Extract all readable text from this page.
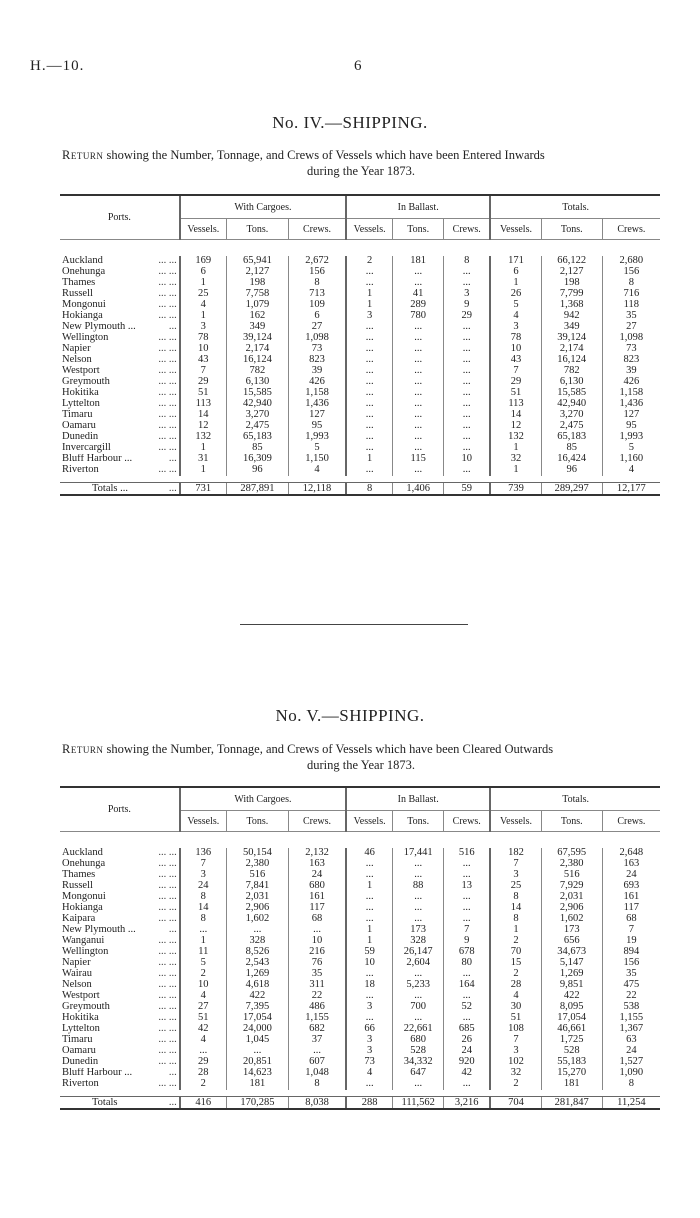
H.—10.	6
No. IV.—SHIPPING.
Return showing the Number, Tonnage, and Crews of Vessels which have been Entered Inwards
during the Year 1873.
Ports.	With Cargoes.			In Ballast.			Totals.		
	Vessels.	Tons.	Crews.	Vessels.	Tons.	Crews.	Vessels.	Tons.	Crews.

Auckland ... ...	169	65,941	2,672	2	181	8	171	66,122	2,680
Onehunga ... ...	6	2,127	156	...	...	...	6	2,127	156
Thames ... ...	1	198	8	...	...	...	1	198	8
Russell ... ...	25	7,758	713	1	41	3	26	7,799	716
Mongonui ... ...	4	1,079	109	1	289	9	5	1,368	118
Hokianga ... ...	1	162	6	3	780	29	4	942	35
New Plymouth ... ...	3	349	27	...	...	...	3	349	27
Wellington ... ...	78	39,124	1,098	...	...	...	78	39,124	1,098
Napier ... ...	10	2,174	73	...	...	...	10	2,174	73
Nelson ... ...	43	16,124	823	...	...	...	43	16,124	823
Westport ... ...	7	782	39	...	...	...	7	782	39
Greymouth ... ...	29	6,130	426	...	...	...	29	6,130	426
Hokitika ... ...	51	15,585	1,158	...	...	...	51	15,585	1,158
Lyttelton ... ...	113	42,940	1,436	...	...	...	113	42,940	1,436
Timaru ... ...	14	3,270	127	...	...	...	14	3,270	127
Oamaru ... ...	12	2,475	95	...	...	...	12	2,475	95
Dunedin ... ...	132	65,183	1,993	...	...	...	132	65,183	1,993
Invercargill ... ...	1	85	5	...	...	...	1	85	5
Bluff Harbour ... ...	31	16,309	1,150	1	115	10	32	16,424	1,160
Riverton ... ...	1	96	4	...	...	...	1	96	4

Totals ... ...	731	287,891	12,118	8	1,406	59	739	289,297	12,177
No. V.—SHIPPING.
Return showing the Number, Tonnage, and Crews of Vessels which have been Cleared Outwards
during the Year 1873.
Ports.	With Cargoes.			In Ballast.			Totals.		
	Vessels.	Tons.	Crews.	Vessels.	Tons.	Crews.	Vessels.	Tons.	Crews.

Auckland ... ...	136	50,154	2,132	46	17,441	516	182	67,595	2,648
Onehunga ... ...	7	2,380	163	...	...	...	7	2,380	163
Thames ... ...	3	516	24	...	...	...	3	516	24
Russell ... ...	24	7,841	680	1	88	13	25	7,929	693
Mongonui ... ...	8	2,031	161	...	...	...	8	2,031	161
Hokianga ... ...	14	2,906	117	...	...	...	14	2,906	117
Kaipara ... ...	8	1,602	68	...	...	...	8	1,602	68
New Plymouth ... ...	...	...	...	1	173	7	1	173	7
Wanganui ... ...	1	328	10	1	328	9	2	656	19
Wellington ... ...	11	8,526	216	59	26,147	678	70	34,673	894
Napier ... ...	5	2,543	76	10	2,604	80	15	5,147	156
Wairau ... ...	2	1,269	35	...	...	...	2	1,269	35
Nelson ... ...	10	4,618	311	18	5,233	164	28	9,851	475
Westport ... ...	4	422	22	...	...	...	4	422	22
Greymouth ... ...	27	7,395	486	3	700	52	30	8,095	538
Hokitika ... ...	51	17,054	1,155	...	...	...	51	17,054	1,155
Lyttelton ... ...	42	24,000	682	66	22,661	685	108	46,661	1,367
Timaru ... ...	4	1,045	37	3	680	26	7	1,725	63
Oamaru ... ...	...	...	...	3	528	24	3	528	24
Dunedin ... ...	29	20,851	607	73	34,332	920	102	55,183	1,527
Bluff Harbour ... ...	28	14,623	1,048	4	647	42	32	15,270	1,090
Riverton ... ...	2	181	8	...	...	...	2	181	8

Totals ...	416	170,285	8,038	288	111,562	3,216	704	281,847	11,254
